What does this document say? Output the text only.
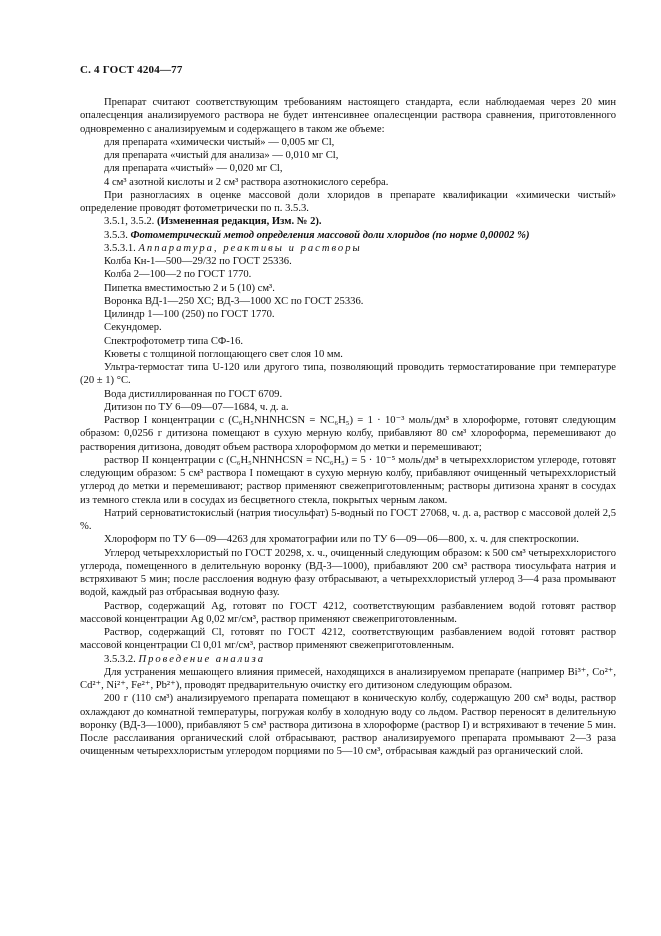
С. 4 ГОСТ 4204—77

Препарат считают соответствующим требованиям настоящего стандарта, если наблюдаемая через 20 мин опалесценция анализируемого раствора не будет интенсивнее опалесценции раствора сравнения, приготовленного одновременно с анализируемым и содержащего в таком же объеме:

для препарата «химически чистый» — 0,005 мг Cl,

для препарата «чистый для анализа» — 0,010 мг Cl,

для препарата «чистый» — 0,020 мг Cl,

4 см³ азотной кислоты и 2 см³ раствора азотнокислого серебра.

При разногласиях в оценке массовой доли хлоридов в препарате квалификации «химически чистый» определение проводят фотометрически по п. 3.5.3.

3.5.1, 3.5.2. (Измененная редакция, Изм. № 2).

3.5.3. Фотометрический метод определения массовой доли хлоридов (по норме 0,00002 %)

3.5.3.1. Аппаратура, реактивы и растворы

Колба Кн-1—500—29/32 по ГОСТ 25336.

Колба 2—100—2 по ГОСТ 1770.

Пипетка вместимостью 2 и 5 (10) см³.

Воронка ВД-1—250 ХС; ВД-3—1000 ХС по ГОСТ 25336.

Цилиндр 1—100 (250) по ГОСТ 1770.

Секундомер.

Спектрофотометр типа СФ-16.

Кюветы с толщиной поглощающего свет слоя 10 мм.

Ультра-термостат типа U-120 или другого типа, позволяющий проводить термостатирование при температуре (20 ± 1) °С.

Вода дистиллированная по ГОСТ 6709.

Дитизон по ТУ 6—09—07—1684, ч. д. а.

Раствор I концентрации c (C₆H₅NHNHCSN = NC₆H₅) = 1 · 10⁻³ моль/дм³ в хлороформе, готовят следующим образом: 0,0256 г дитизона помещают в сухую мерную колбу, прибавляют 80 см³ хлороформа, перемешивают до растворения дитизона, доводят объем раствора хлороформом до метки и перемешивают;

раствор II концентрации c (C₆H₅NHNHCSN = NC₆H₅) = 5 · 10⁻⁵ моль/дм³ в четыреххлористом углероде, готовят следующим образом: 5 см³ раствора I помещают в сухую мерную колбу, прибавляют очищенный четыреххлористый углерод до метки и перемешивают; раствор применяют свежеприготовленным; растворы дитизона хранят в сосудах из темного стекла или в сосудах из бесцветного стекла, покрытых черным лаком.

Натрий серноватистокислый (натрия тиосульфат) 5-водный по ГОСТ 27068, ч. д. а, раствор с массовой долей 2,5 %.

Хлороформ по ТУ 6—09—4263 для хроматографии или по ТУ 6—09—06—800, х. ч. для спектроскопии.

Углерод четыреххлористый по ГОСТ 20298, х. ч., очищенный следующим образом: к 500 см³ четыреххлористого углерода, помещенного в делительную воронку (ВД-3—1000), прибавляют 200 см³ раствора тиосульфата натрия и встряхивают 5 мин; после расслоения водную фазу отбрасывают, а четыреххлористый углерод 3—4 раза промывают водой, каждый раз отбрасывая водную фазу.

Раствор, содержащий Ag, готовят по ГОСТ 4212, соответствующим разбавлением водой готовят раствор массовой концентрации Ag 0,02 мг/см³, раствор применяют свежеприготовленным.

Раствор, содержащий Cl, готовят по ГОСТ 4212, соответствующим разбавлением водой готовят раствор массовой концентрации Cl 0,01 мг/см³, раствор применяют свежеприготовленным.

3.5.3.2. Проведение анализа

Для устранения мешающего влияния примесей, находящихся в анализируемом препарате (например Bi³⁺, Co²⁺, Cd²⁺, Ni²⁺, Fe²⁺, Pb²⁺), проводят предварительную очистку его дитизоном следующим образом.

200 г (110 см³) анализируемого препарата помещают в коническую колбу, содержащую 200 см³ воды, раствор охлаждают до комнатной температуры, погружая колбу в холодную воду со льдом. Раствор переносят в делительную воронку (ВД-3—1000), прибавляют 5 см³ раствора дитизона в хлороформе (раствор I) и встряхивают в течение 5 мин. После расслаивания органический слой отбрасывают, раствор анализируемого препарата промывают 2—3 раза очищенным четыреххлористым углеродом порциями по 5—10 см³, отбрасывая каждый раз органический слой.
